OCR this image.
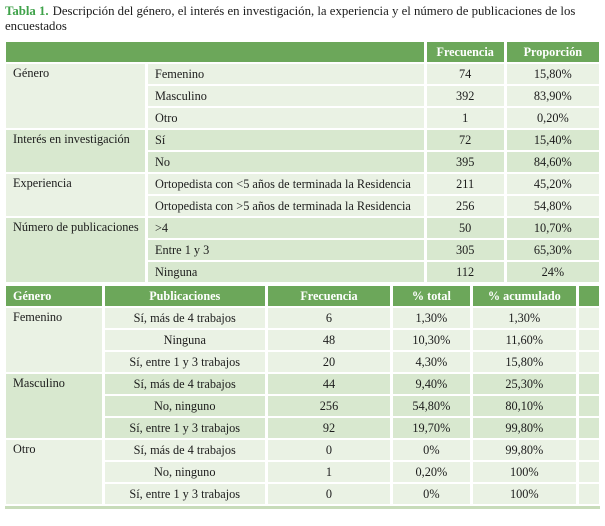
Tabla 1. Descripción del género, el interés en investigación, la experiencia y el número de publicaciones de los encuestados

		Frecuencia	Proporción
Género	Femenino	74	15,80%
	Masculino	392	83,90%
	Otro	1	0,20%
Interés en investigación	Sí	72	15,40%
	No	395	84,60%
Experiencia	Ortopedista con <5 años de terminada la Residencia	211	45,20%
	Ortopedista con >5 años de terminada la Residencia	256	54,80%
Número de publicaciones	>4	50	10,70%
	Entre 1 y 3	305	65,30%
	Ninguna	112	24%
Género	Publicaciones	Frecuencia	% total	% acumulado	
Femenino	Sí, más de 4 trabajos	6	1,30%	1,30%	
	Ninguna	48	10,30%	11,60%	
	Sí, entre 1 y 3 trabajos	20	4,30%	15,80%	
Masculino	Sí, más de 4 trabajos	44	9,40%	25,30%	
	No, ninguno	256	54,80%	80,10%	
	Sí, entre 1 y 3 trabajos	92	19,70%	99,80%	
Otro	Sí, más de 4 trabajos	0	0%	99,80%	
	No, ninguno	1	0,20%	100%	
	Sí, entre 1 y 3 trabajos	0	0%	100%	
